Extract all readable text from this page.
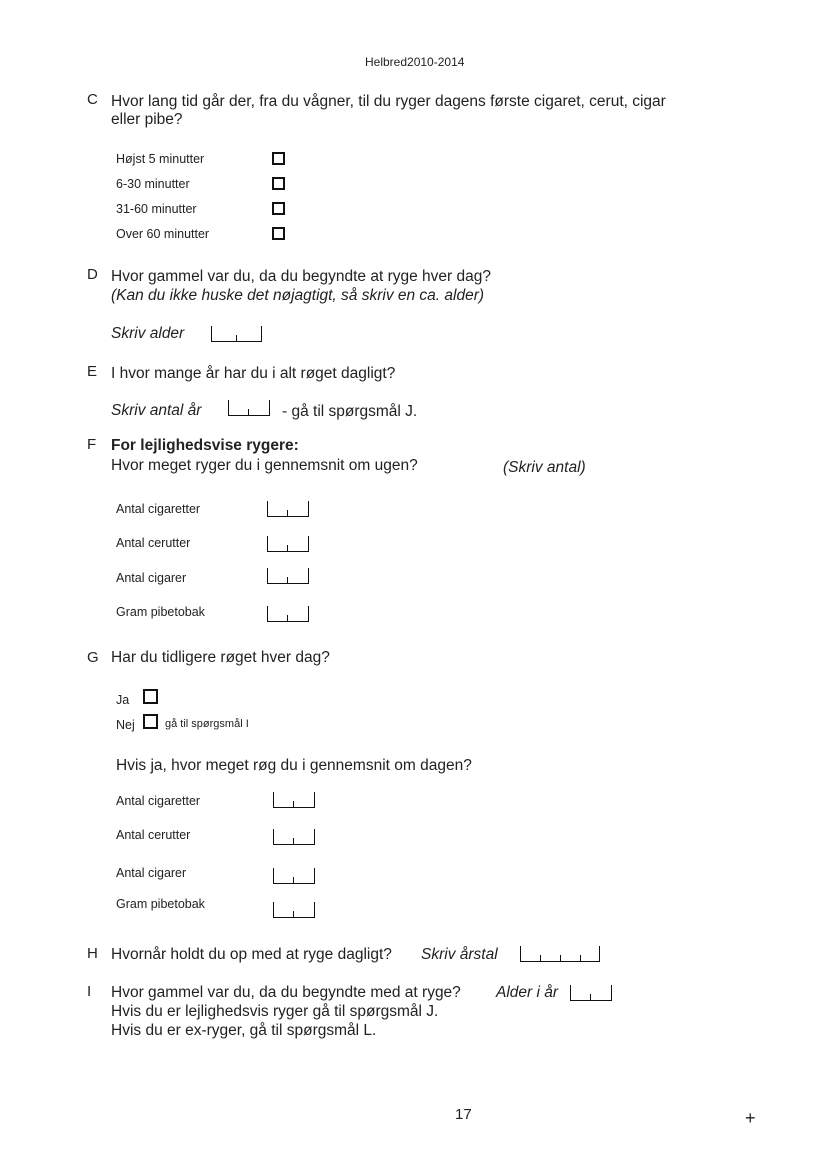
Helbred2010-2014
C Hvor lang tid går der, fra du vågner, til du ryger dagens første cigaret, cerut, cigar
eller pibe?
Højst 5 minutter
6-30 minutter
31-60 minutter
Over 60 minutter
D Hvor gammel var du, da du begyndte at ryge hver dag?
(Kan du ikke huske det nøjagtigt, så skriv en ca. alder)
Skriv alder
E I hvor mange år har du i alt røget dagligt?
Skriv antal år	- gå til spørgsmål J.
F For lejlighedsvise rygere:
Hvor meget ryger du i gennemsnit om ugen?	(Skriv antal)
Antal cigaretter
Antal cerutter
Antal cigarer
Gram pibetobak
G Har du tidligere røget hver dag?
Ja
Nej	gå til spørgsmål I
Hvis ja, hvor meget røg du i gennemsnit om dagen?
Antal cigaretter
Antal cerutter
Antal cigarer
Gram pibetobak
H Hvornår holdt du op med at ryge dagligt? Skriv årstal
I Hvor gammel var du, da du begyndte med at ryge? Alder i år
Hvis du er lejlighedsvis ryger gå til spørgsmål J.
Hvis du er ex-ryger, gå til spørgsmål L.
17	+
